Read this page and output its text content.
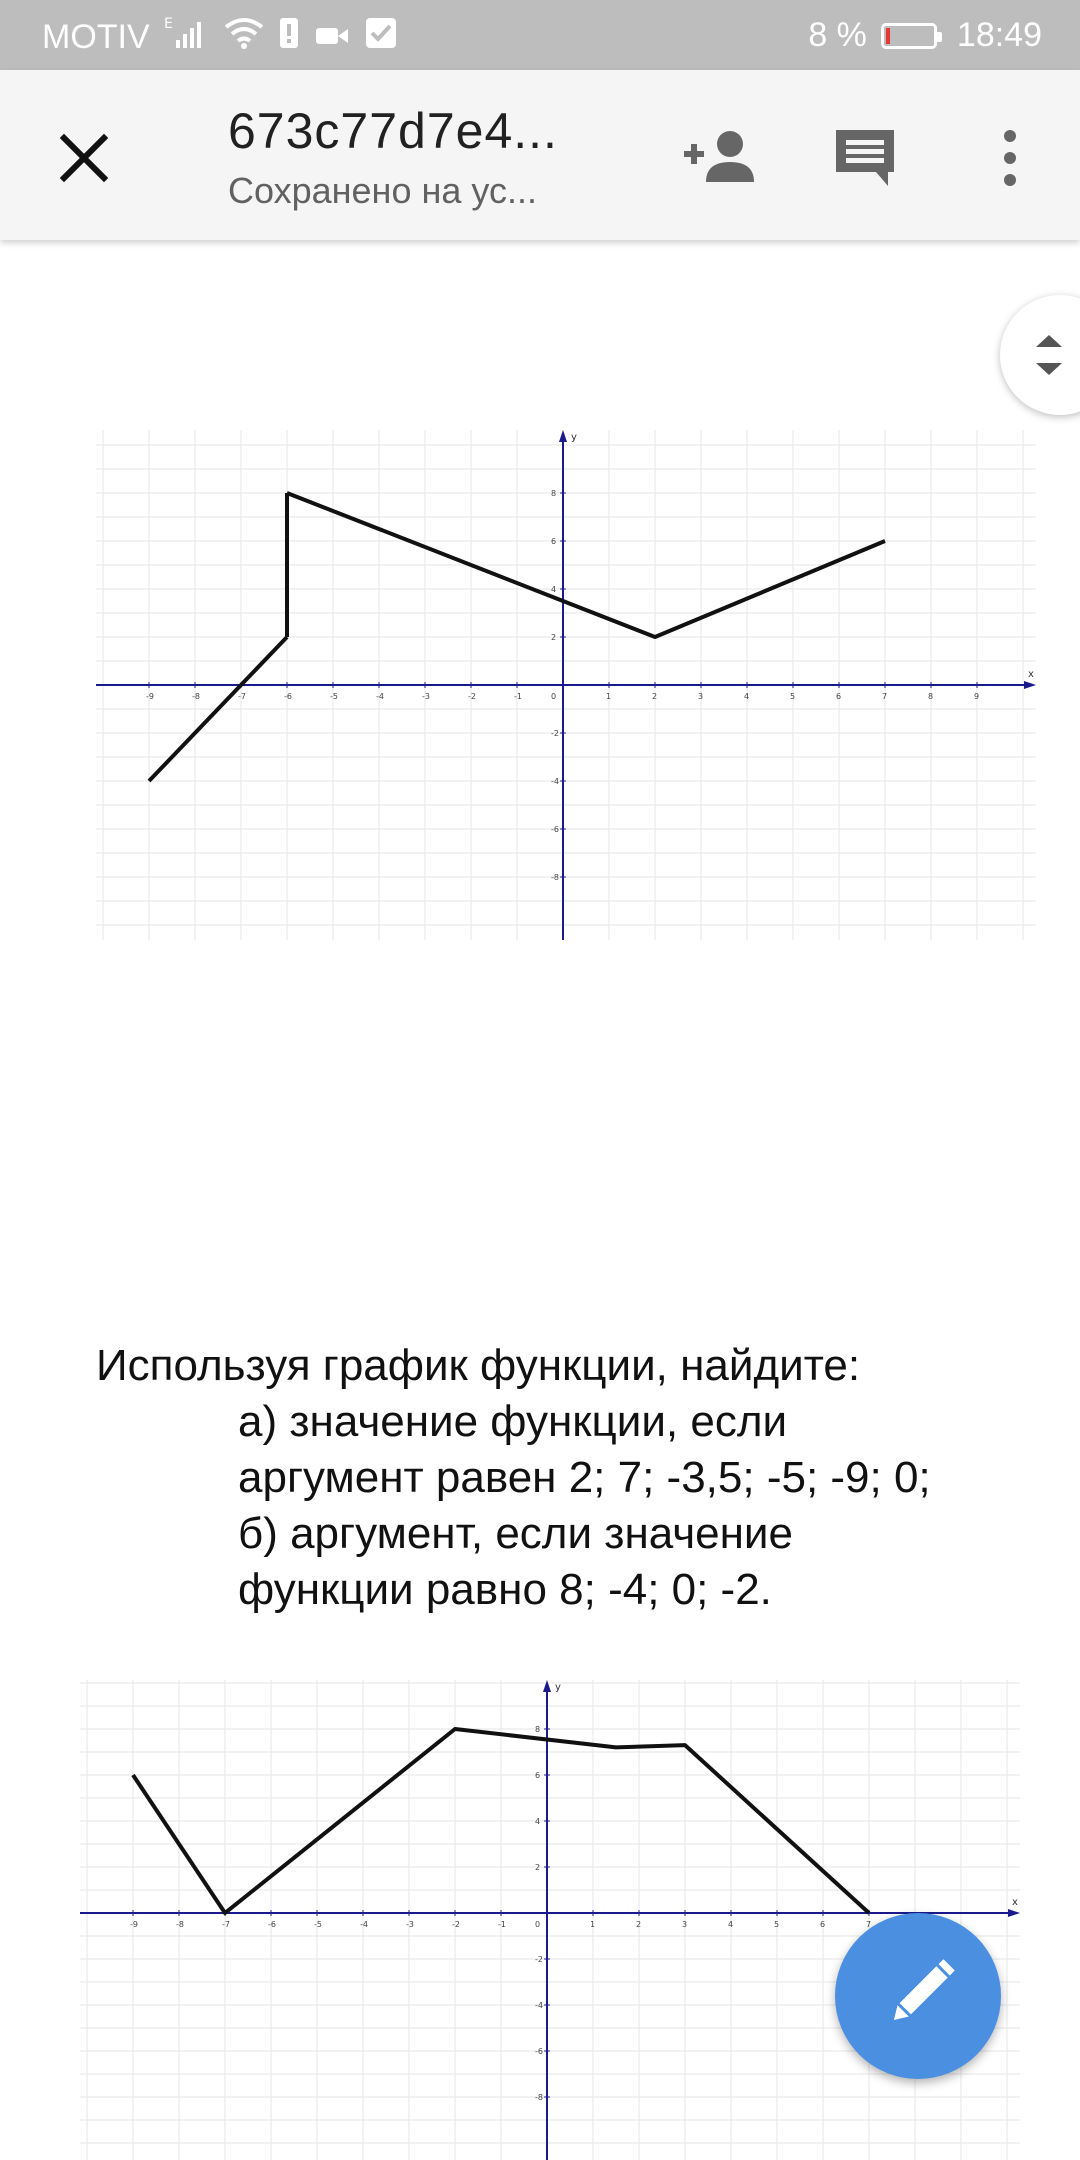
MOTIV E	8 %	18:49
673c77d7e4...
Сохранено на ус...
x
y
-9	-8	-7	-6	-5	-4	-3	-2	-1	1	2	3	4	5	6	7	8	9
0
8
6
4
2
-2
-4
-6
-8
Используя график функции, найдите:
а) значение функции, если
аргумент равен 2; 7; -3,5; -5; -9; 0;
б) аргумент, если значение
функции равно 8; -4; 0; -2.
x
y
-9	-8	-7	-6	-5	-4	-3	-2	-1	1	2	3	4	5	6	7
0
8
6
4
2
-2
-4
-6
-8
